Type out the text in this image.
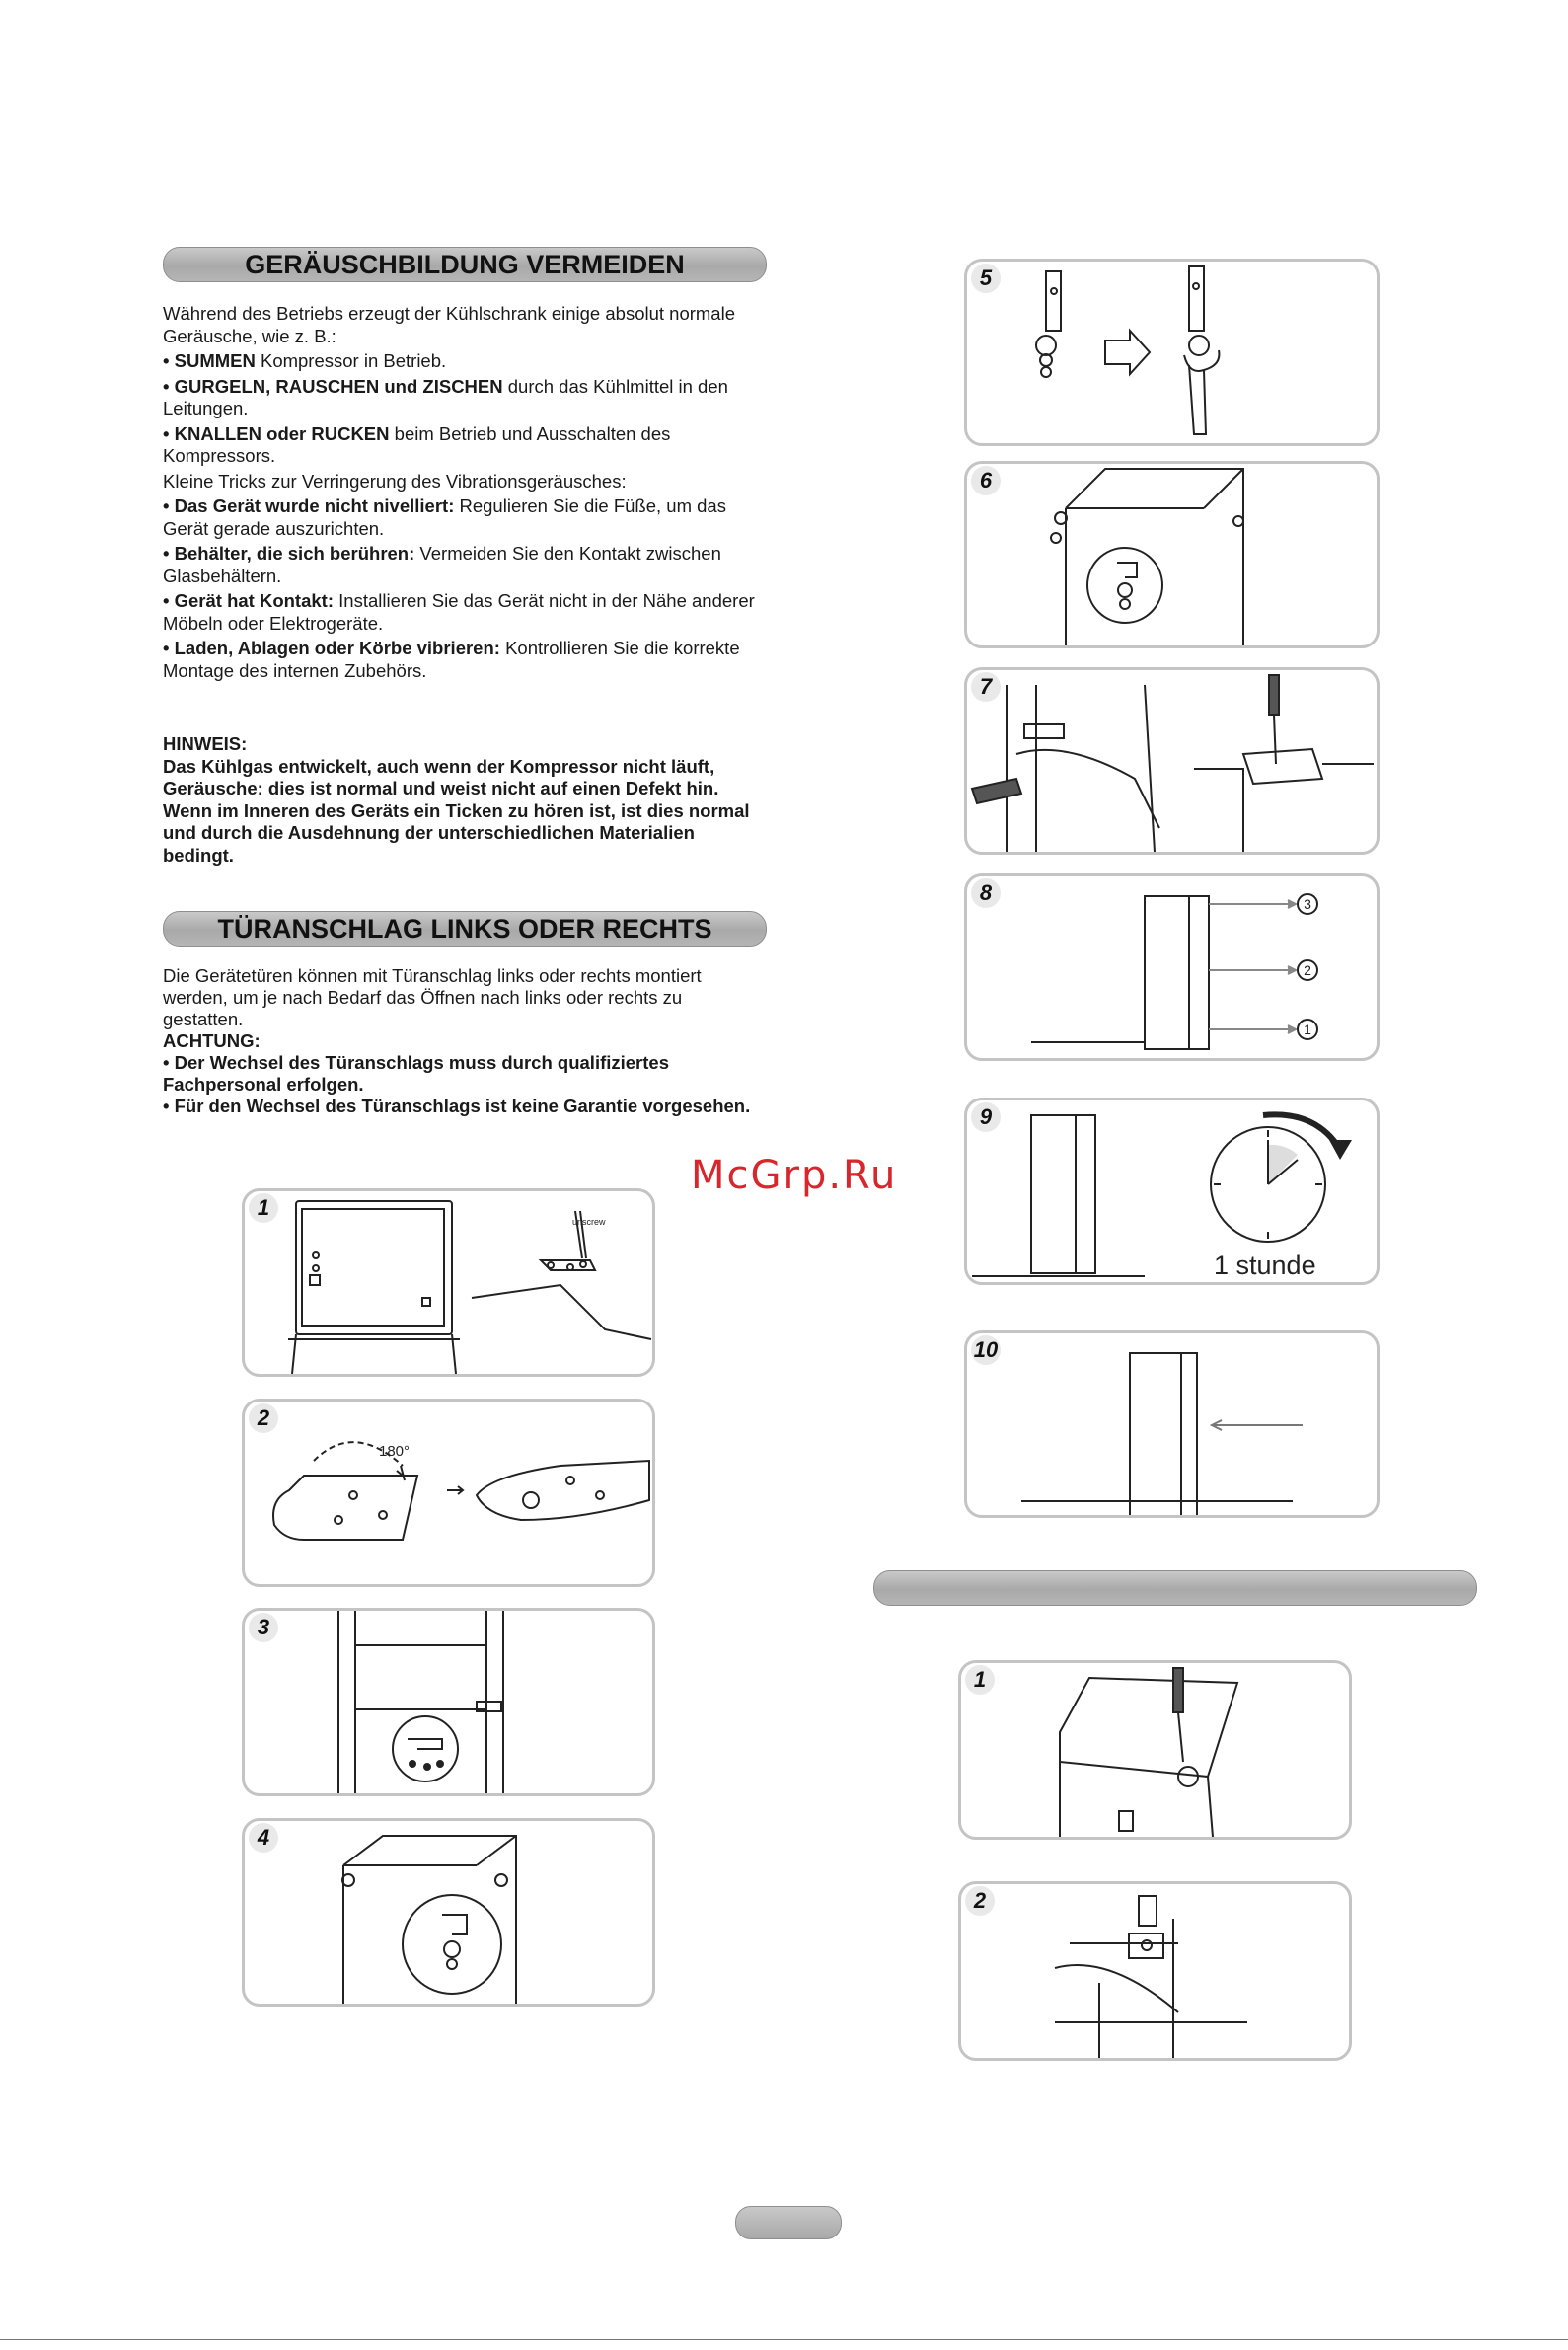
GERÄUSCHBILDUNG VERMEIDEN

Während des Betriebs erzeugt der Kühlschrank einige absolut normale Geräusche, wie z. B.:

• SUMMEN Kompressor in Betrieb.

• GURGELN, RAUSCHEN und ZISCHEN durch das Kühlmittel in den Leitungen.

• KNALLEN oder RUCKEN beim Betrieb und Ausschalten des Kompressors.

Kleine Tricks zur Verringerung des Vibrationsgeräusches:

• Das Gerät wurde nicht nivelliert: Regulieren Sie die Füße, um das Gerät gerade auszurichten.

• Behälter, die sich berühren: Vermeiden Sie den Kontakt zwischen Glasbehältern.

• Gerät hat Kontakt: Installieren Sie das Gerät nicht in der Nähe anderer Möbeln oder Elektrogeräte.

• Laden, Ablagen oder Körbe vibrieren: Kontrollieren Sie die korrekte Montage des internen Zubehörs.

HINWEIS:
Das Kühlgas entwickelt, auch wenn der Kompressor nicht läuft, Geräusche: dies ist normal und weist nicht auf einen Defekt hin. Wenn im Inneren des Geräts ein Ticken zu hören ist, ist dies normal und durch die Ausdehnung der unterschiedlichen Materialien bedingt.
TÜRANSCHLAG LINKS ODER RECHTS
Die Gerätetüren können mit Türanschlag links oder rechts montiert werden, um je nach Bedarf das Öffnen nach links oder rechts zu gestatten.
ACHTUNG:
• Der Wechsel des Türanschlags muss durch qualifiziertes Fachpersonal erfolgen.
• Für den Wechsel des Türanschlags ist keine Garantie vorgesehen.
McGrp.Ru
1
unscrew
2
180°
3
4
5
6
7
8	3
2
1
9
1 stunde
10
1
2
